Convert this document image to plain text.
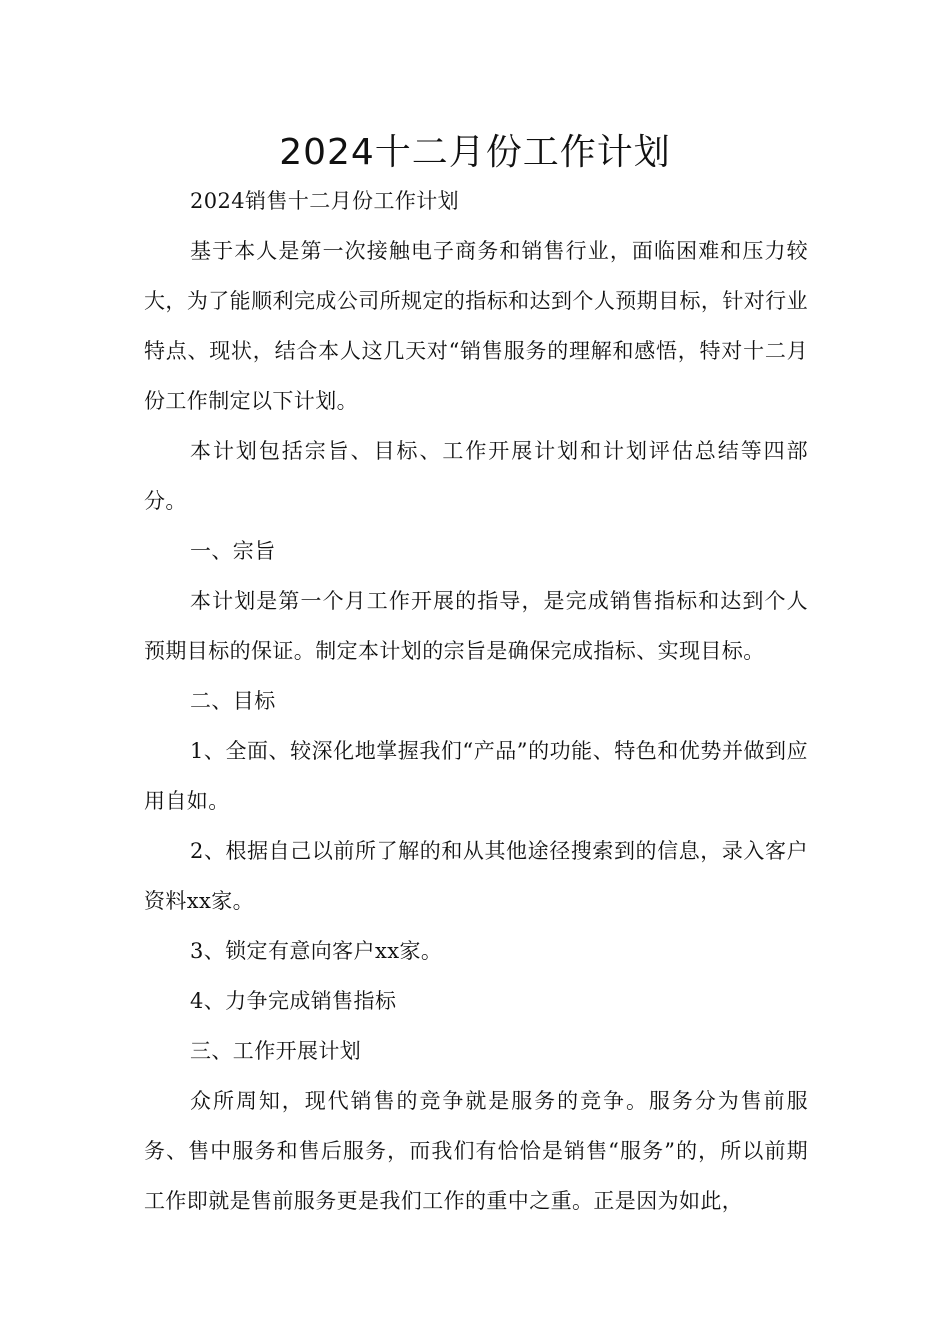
2024十二月份工作计划

2024销售十二月份工作计划

基于本人是第一次接触电子商务和销售行业，面临困难和压力较大，为了能顺利完成公司所规定的指标和达到个人预期目标，针对行业特点、现状，结合本人这几天对“销售服务的理解和感悟，特对十二月份工作制定以下计划。

本计划包括宗旨、目标、工作开展计划和计划评估总结等四部分。

一、宗旨

本计划是第一个月工作开展的指导，是完成销售指标和达到个人预期目标的保证。制定本计划的宗旨是确保完成指标、实现目标。

二、目标

1、全面、较深化地掌握我们“产品”的功能、特色和优势并做到应用自如。

2、根据自己以前所了解的和从其他途径搜索到的信息，录入客户资料xx家。

3、锁定有意向客户xx家。

4、力争完成销售指标

三、工作开展计划

众所周知，现代销售的竞争就是服务的竞争。服务分为售前服务、售中服务和售后服务，而我们有恰恰是销售“服务”的，所以前期工作即就是售前服务更是我们工作的重中之重。正是因为如此，
